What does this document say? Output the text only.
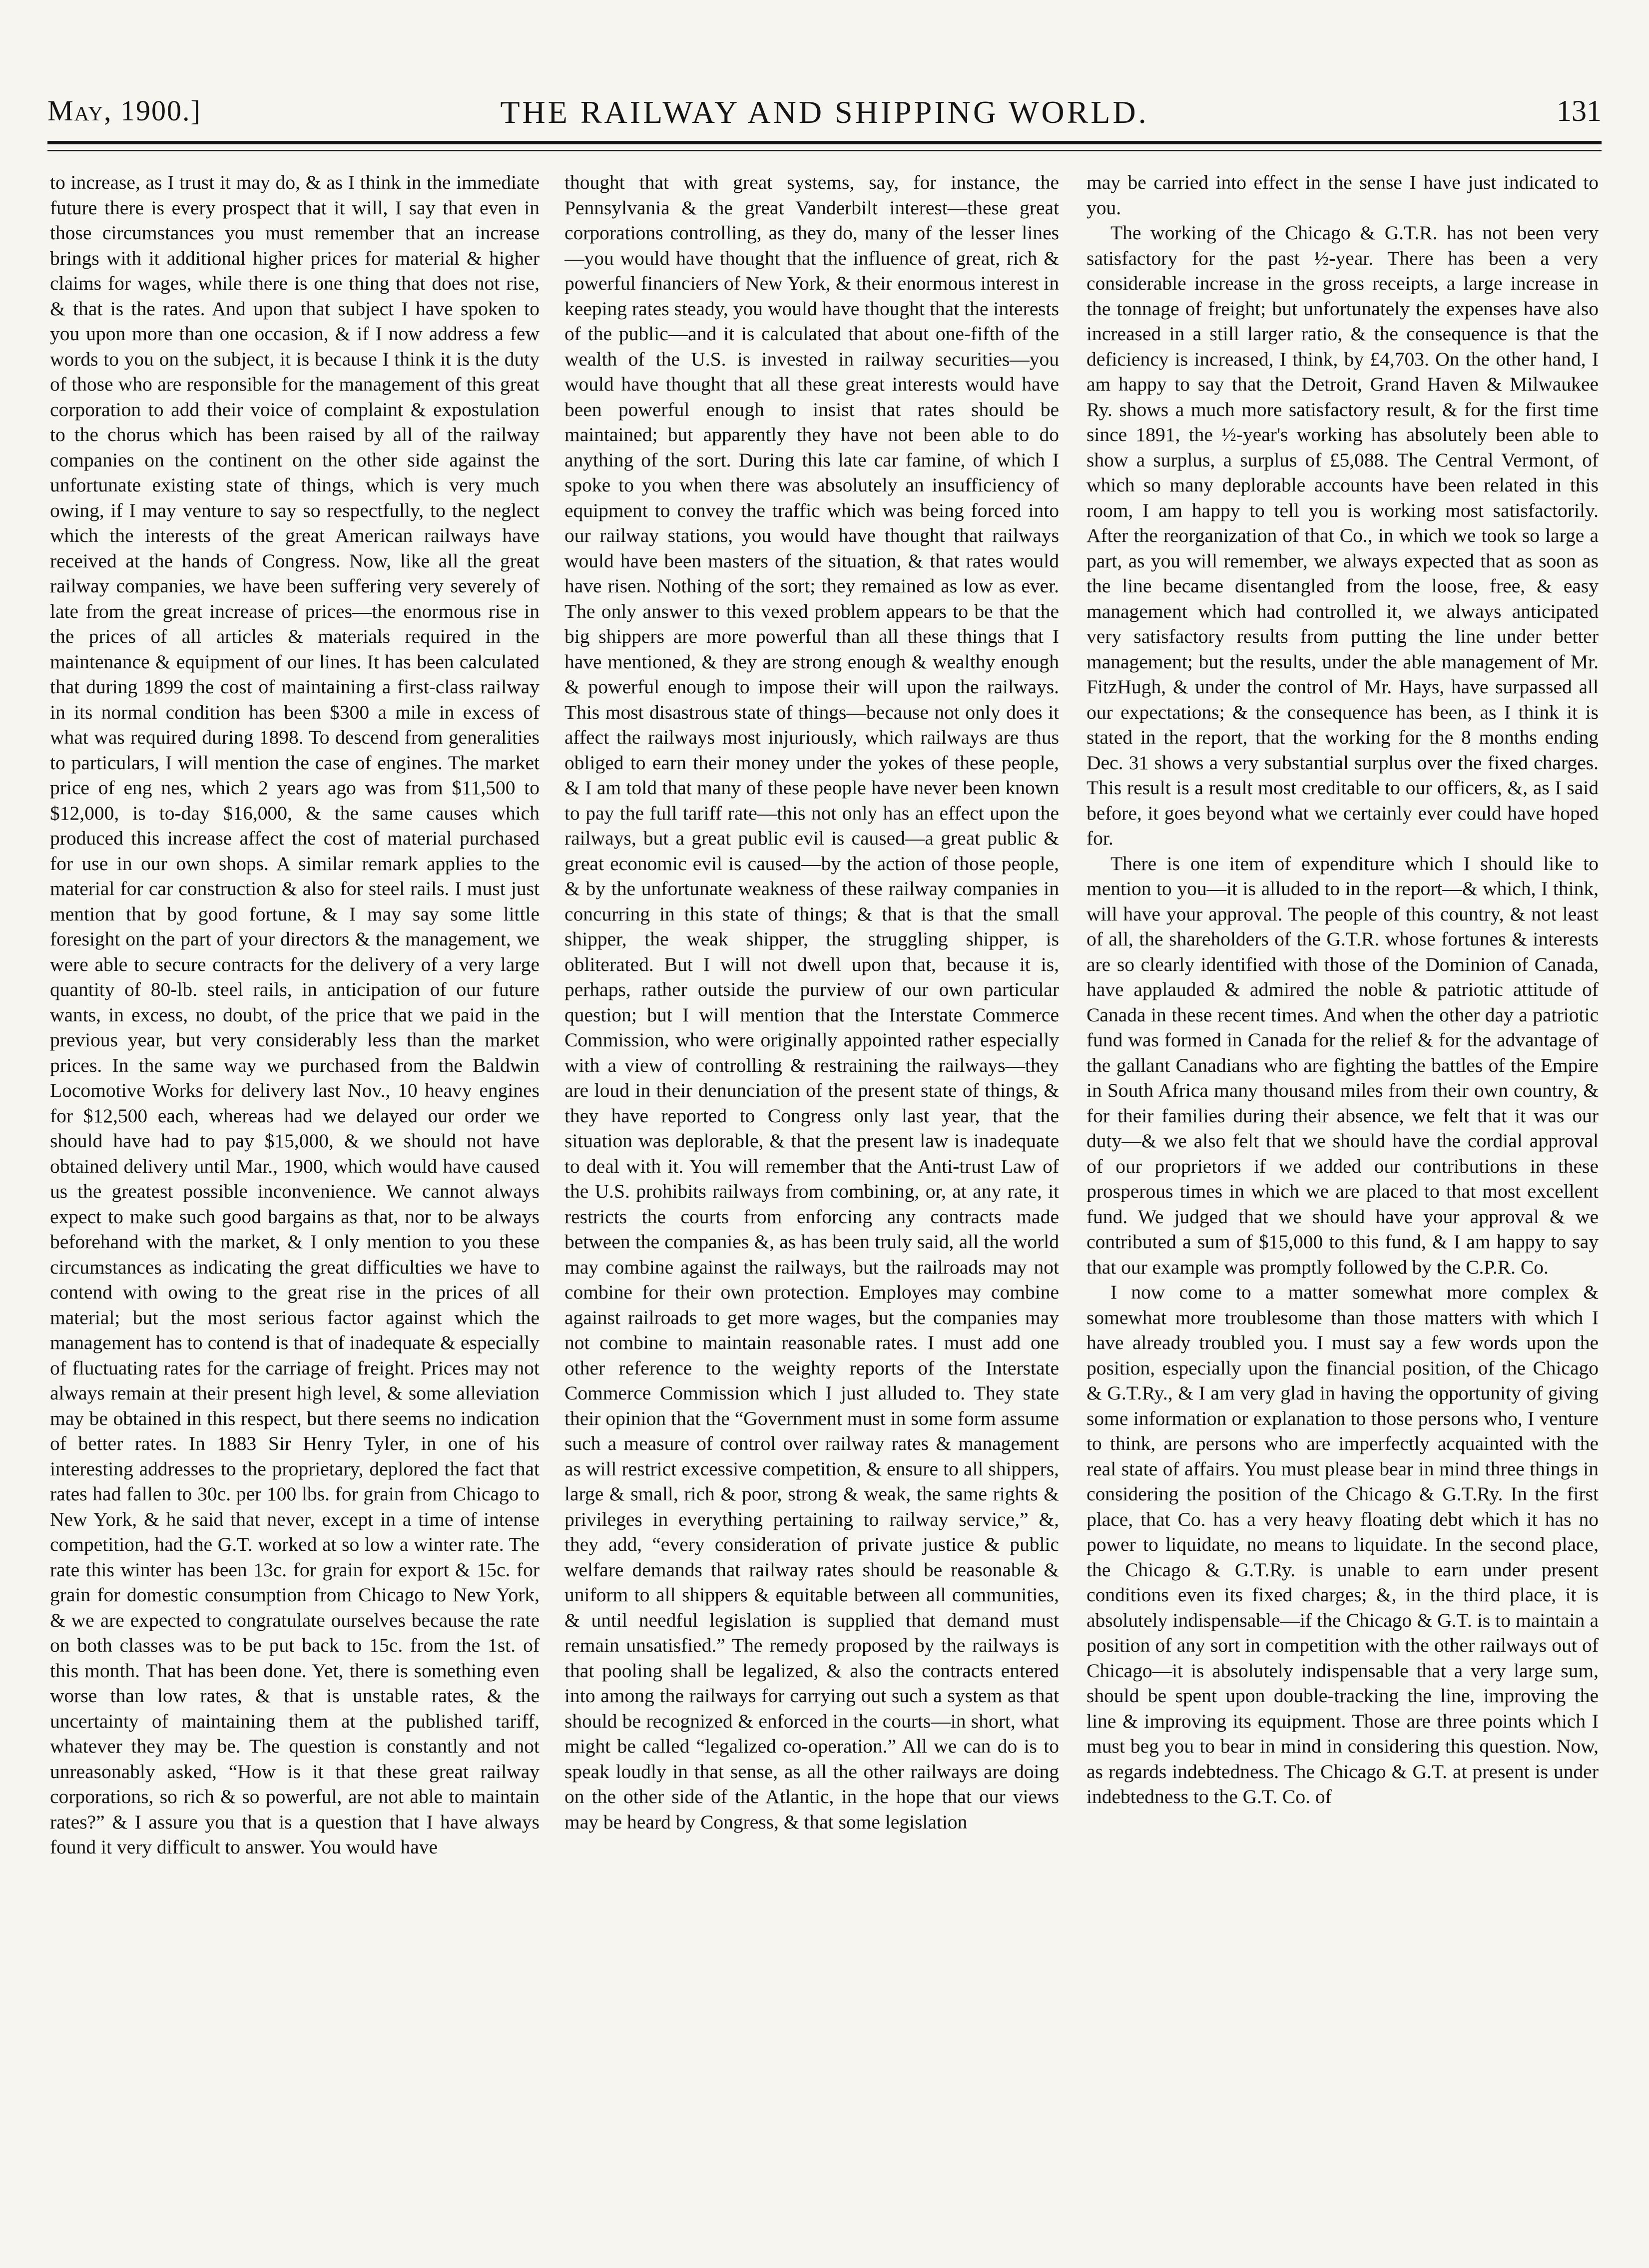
May, 1900.]	THE RAILWAY AND SHIPPING WORLD.	131

to increase, as I trust it may do, & as I think in the immediate future there is every prospect that it will, I say that even in those circumstances you must remember that an increase brings with it additional higher prices for material & higher claims for wages, while there is one thing that does not rise, & that is the rates. And upon that subject I have spoken to you upon more than one occasion, & if I now address a few words to you on the subject, it is because I think it is the duty of those who are responsible for the management of this great corporation to add their voice of complaint & expostulation to the chorus which has been raised by all of the railway companies on the continent on the other side against the unfortunate existing state of things, which is very much owing, if I may venture to say so respectfully, to the neglect which the interests of the great American railways have received at the hands of Congress. Now, like all the great railway companies, we have been suffering very severely of late from the great increase of prices—the enormous rise in the prices of all articles & materials required in the maintenance & equipment of our lines. It has been calculated that during 1899 the cost of maintaining a first-class railway in its normal condition has been $300 a mile in excess of what was required during 1898. To descend from generalities to particulars, I will mention the case of engines. The market price of eng nes, which 2 years ago was from $11,500 to $12,000, is to-day $16,000, & the same causes which produced this increase affect the cost of material purchased for use in our own shops. A similar remark applies to the material for car construction & also for steel rails. I must just mention that by good fortune, & I may say some little foresight on the part of your directors & the management, we were able to secure contracts for the delivery of a very large quantity of 80-lb. steel rails, in anticipation of our future wants, in excess, no doubt, of the price that we paid in the previous year, but very considerably less than the market prices. In the same way we purchased from the Baldwin Locomotive Works for delivery last Nov., 10 heavy engines for $12,500 each, whereas had we delayed our order we should have had to pay $15,000, & we should not have obtained delivery until Mar., 1900, which would have caused us the greatest possible inconvenience. We cannot always expect to make such good bargains as that, nor to be always beforehand with the market, & I only mention to you these circumstances as indicating the great difficulties we have to contend with owing to the great rise in the prices of all material; but the most serious factor against which the management has to contend is that of inadequate & especially of fluctuating rates for the carriage of freight. Prices may not always remain at their present high level, & some alleviation may be obtained in this respect, but there seems no indication of better rates. In 1883 Sir Henry Tyler, in one of his interesting addresses to the proprietary, deplored the fact that rates had fallen to 30c. per 100 lbs. for grain from Chicago to New York, & he said that never, except in a time of intense competition, had the G.T. worked at so low a winter rate. The rate this winter has been 13c. for grain for export & 15c. for grain for domestic consumption from Chicago to New York, & we are expected to congratulate ourselves because the rate on both classes was to be put back to 15c. from the 1st. of this month. That has been done. Yet, there is something even worse than low rates, & that is unstable rates, & the uncertainty of maintaining them at the published tariff, whatever they may be. The question is constantly and not unreasonably asked, “How is it that these great railway corporations, so rich & so powerful, are not able to maintain rates?” & I assure you that is a question that I have always found it very difficult to answer. You would have

thought that with great systems, say, for instance, the Pennsylvania & the great Vanderbilt interest—these great corporations controlling, as they do, many of the lesser lines—you would have thought that the influence of great, rich & powerful financiers of New York, & their enormous interest in keeping rates steady, you would have thought that the interests of the public—and it is calculated that about one-fifth of the wealth of the U.S. is invested in railway securities—you would have thought that all these great interests would have been powerful enough to insist that rates should be maintained; but apparently they have not been able to do anything of the sort. During this late car famine, of which I spoke to you when there was absolutely an insufficiency of equipment to convey the traffic which was being forced into our railway stations, you would have thought that railways would have been masters of the situation, & that rates would have risen. Nothing of the sort; they remained as low as ever. The only answer to this vexed problem appears to be that the big shippers are more powerful than all these things that I have mentioned, & they are strong enough & wealthy enough & powerful enough to impose their will upon the railways. This most disastrous state of things—because not only does it affect the railways most injuriously, which railways are thus obliged to earn their money under the yokes of these people, & I am told that many of these people have never been known to pay the full tariff rate—this not only has an effect upon the railways, but a great public evil is caused—a great public & great economic evil is caused—by the action of those people, & by the unfortunate weakness of these railway companies in concurring in this state of things; & that is that the small shipper, the weak shipper, the struggling shipper, is obliterated. But I will not dwell upon that, because it is, perhaps, rather outside the purview of our own particular question; but I will mention that the Interstate Commerce Commission, who were originally appointed rather especially with a view of controlling & restraining the railways—they are loud in their denunciation of the present state of things, & they have reported to Congress only last year, that the situation was deplorable, & that the present law is inadequate to deal with it. You will remember that the Anti-trust Law of the U.S. prohibits railways from combining, or, at any rate, it restricts the courts from enforcing any contracts made between the companies &, as has been truly said, all the world may combine against the railways, but the railroads may not combine for their own protection. Employes may combine against railroads to get more wages, but the companies may not combine to maintain reasonable rates. I must add one other reference to the weighty reports of the Interstate Commerce Commission which I just alluded to. They state their opinion that the “Government must in some form assume such a measure of control over railway rates & management as will restrict excessive competition, & ensure to all shippers, large & small, rich & poor, strong & weak, the same rights & privileges in everything pertaining to railway service,” &, they add, “every consideration of private justice & public welfare demands that railway rates should be reasonable & uniform to all shippers & equitable between all communities, & until needful legislation is supplied that demand must remain unsatisfied.” The remedy proposed by the railways is that pooling shall be legalized, & also the contracts entered into among the railways for carrying out such a system as that should be recognized & enforced in the courts—in short, what might be called “legalized co-operation.” All we can do is to speak loudly in that sense, as all the other railways are doing on the other side of the Atlantic, in the hope that our views may be heard by Congress, & that some legislation

may be carried into effect in the sense I have just indicated to you.

The working of the Chicago & G.T.R. has not been very satisfactory for the past ½-year. There has been a very considerable increase in the gross receipts, a large increase in the tonnage of freight; but unfortunately the expenses have also increased in a still larger ratio, & the consequence is that the deficiency is increased, I think, by £4,703. On the other hand, I am happy to say that the Detroit, Grand Haven & Milwaukee Ry. shows a much more satisfactory result, & for the first time since 1891, the ½-year's working has absolutely been able to show a surplus, a surplus of £5,088. The Central Vermont, of which so many deplorable accounts have been related in this room, I am happy to tell you is working most satisfactorily. After the reorganization of that Co., in which we took so large a part, as you will remember, we always expected that as soon as the line became disentangled from the loose, free, & easy management which had controlled it, we always anticipated very satisfactory results from putting the line under better management; but the results, under the able management of Mr. FitzHugh, & under the control of Mr. Hays, have surpassed all our expectations; & the consequence has been, as I think it is stated in the report, that the working for the 8 months ending Dec. 31 shows a very substantial surplus over the fixed charges. This result is a result most creditable to our officers, &, as I said before, it goes beyond what we certainly ever could have hoped for.

There is one item of expenditure which I should like to mention to you—it is alluded to in the report—& which, I think, will have your approval. The people of this country, & not least of all, the shareholders of the G.T.R. whose fortunes & interests are so clearly identified with those of the Dominion of Canada, have applauded & admired the noble & patriotic attitude of Canada in these recent times. And when the other day a patriotic fund was formed in Canada for the relief & for the advantage of the gallant Canadians who are fighting the battles of the Empire in South Africa many thousand miles from their own country, & for their families during their absence, we felt that it was our duty—& we also felt that we should have the cordial approval of our proprietors if we added our contributions in these prosperous times in which we are placed to that most excellent fund. We judged that we should have your approval & we contributed a sum of $15,000 to this fund, & I am happy to say that our example was promptly followed by the C.P.R. Co.

I now come to a matter somewhat more complex & somewhat more troublesome than those matters with which I have already troubled you. I must say a few words upon the position, especially upon the financial position, of the Chicago & G.T.Ry., & I am very glad in having the opportunity of giving some information or explanation to those persons who, I venture to think, are persons who are imperfectly acquainted with the real state of affairs. You must please bear in mind three things in considering the position of the Chicago & G.T.Ry. In the first place, that Co. has a very heavy floating debt which it has no power to liquidate, no means to liquidate. In the second place, the Chicago & G.T.Ry. is unable to earn under present conditions even its fixed charges; &, in the third place, it is absolutely indispensable—if the Chicago & G.T. is to maintain a position of any sort in competition with the other railways out of Chicago—it is absolutely indispensable that a very large sum, should be spent upon double-tracking the line, improving the line & improving its equipment. Those are three points which I must beg you to bear in mind in considering this question. Now, as regards indebtedness. The Chicago & G.T. at present is under indebtedness to the G.T. Co. of
